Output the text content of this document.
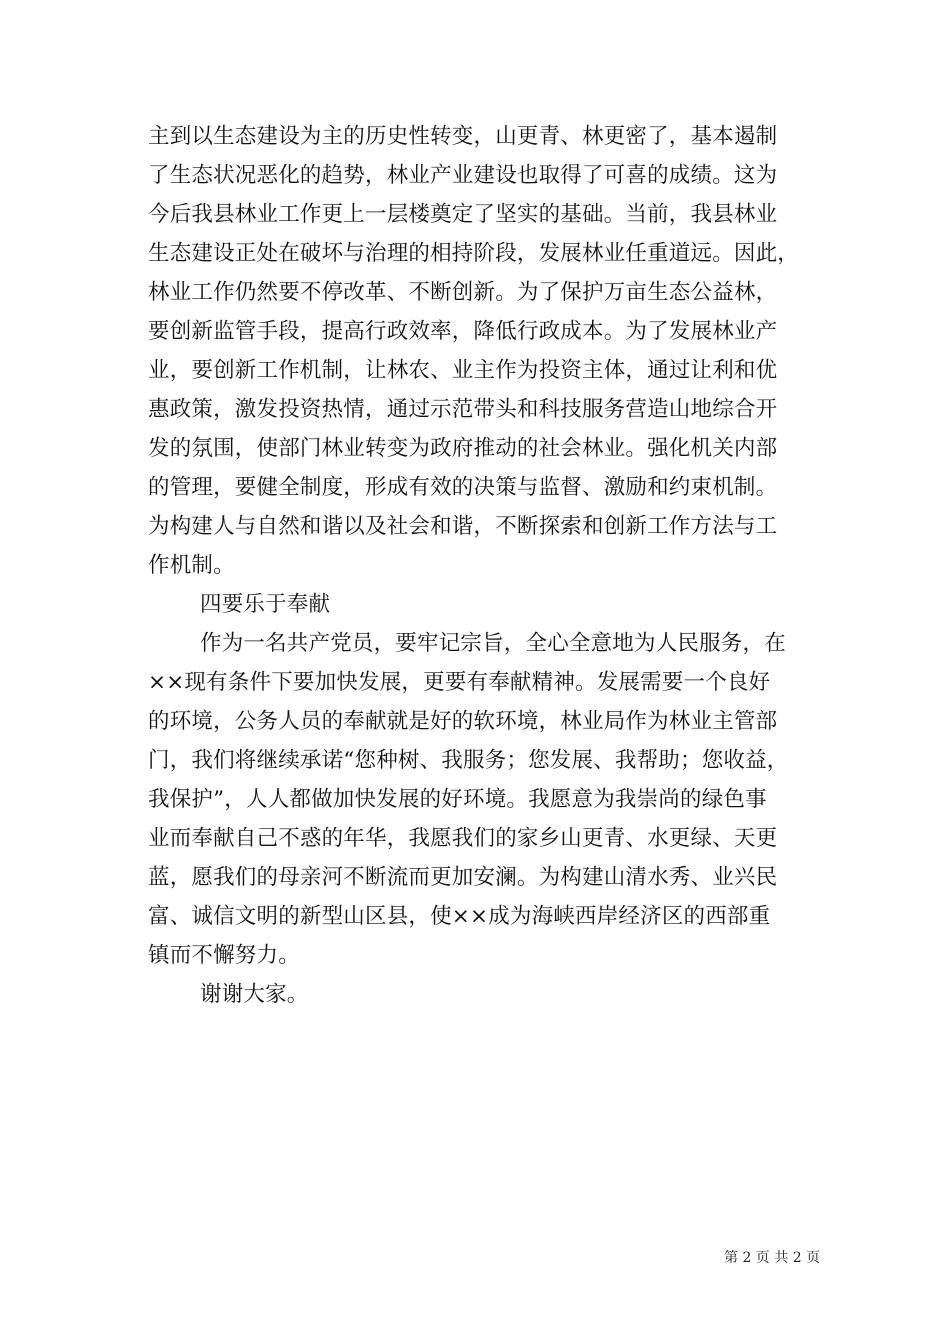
主到以生态建设为主的历史性转变，山更青、林更密了，基本遏制
了生态状况恶化的趋势，林业产业建设也取得了可喜的成绩。这为
今后我县林业工作更上一层楼奠定了坚实的基础。当前，我县林业
生态建设正处在破坏与治理的相持阶段，发展林业任重道远。因此，
林业工作仍然要不停改革、不断创新。为了保护万亩生态公益林，
要创新监管手段，提高行政效率，降低行政成本。为了发展林业产
业，要创新工作机制，让林农、业主作为投资主体，通过让利和优
惠政策，激发投资热情，通过示范带头和科技服务营造山地综合开
发的氛围，使部门林业转变为政府推动的社会林业。强化机关内部
的管理，要健全制度，形成有效的决策与监督、激励和约束机制。
为构建人与自然和谐以及社会和谐，不断探索和创新工作方法与工
作机制。
四要乐于奉献
作为一名共产党员，要牢记宗旨，全心全意地为人民服务，在
××现有条件下要加快发展，更要有奉献精神。发展需要一个良好
的环境，公务人员的奉献就是好的软环境，林业局作为林业主管部
门，我们将继续承诺“您种树、我服务；您发展、我帮助；您收益，
我保护”，人人都做加快发展的好环境。我愿意为我崇尚的绿色事
业而奉献自己不惑的年华，我愿我们的家乡山更青、水更绿、天更
蓝，愿我们的母亲河不断流而更加安澜。为构建山清水秀、业兴民
富、诚信文明的新型山区县，使××成为海峡西岸经济区的西部重
镇而不懈努力。
谢谢大家。
第 2 页 共 2 页
